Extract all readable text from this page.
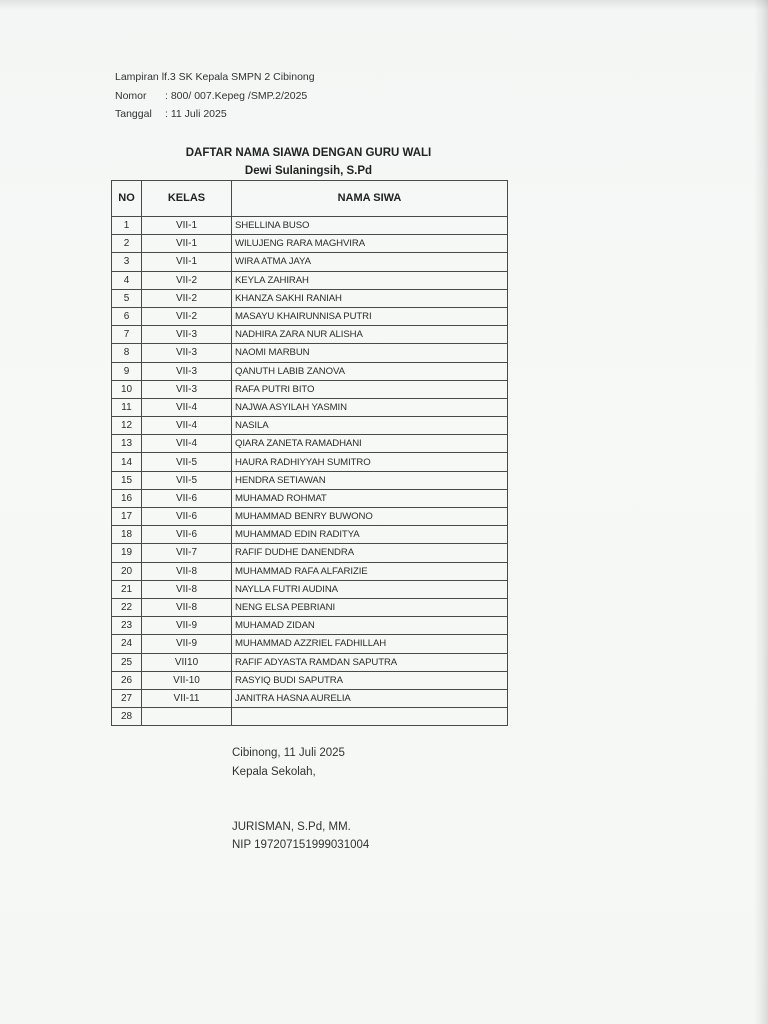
Lampiran lf.3 SK Kepala SMPN 2 Cibinong
Nomor : 800/ 007.Kepeg /SMP.2/2025
Tanggal : 11 Juli 2025
DAFTAR NAMA SIAWA DENGAN GURU WALI
Dewi Sulaningsih, S.Pd
NO	KELAS	NAMA SIWA
1	VII-1	SHELLINA BUSO
2	VII-1	WILUJENG RARA MAGHVIRA
3	VII-1	WIRA ATMA JAYA
4	VII-2	KEYLA ZAHIRAH
5	VII-2	KHANZA SAKHI RANIAH
6	VII-2	MASAYU KHAIRUNNISA PUTRI
7	VII-3	NADHIRA ZARA NUR ALISHA
8	VII-3	NAOMI MARBUN
9	VII-3	QANUTH LABIB ZANOVA
10	VII-3	RAFA PUTRI BITO
11	VII-4	NAJWA ASYILAH YASMIN
12	VII-4	NASILA
13	VII-4	QIARA ZANETA RAMADHANI
14	VII-5	HAURA RADHIYYAH SUMITRO
15	VII-5	HENDRA SETIAWAN
16	VII-6	MUHAMAD ROHMAT
17	VII-6	MUHAMMAD BENRY BUWONO
18	VII-6	MUHAMMAD EDIN RADITYA
19	VII-7	RAFIF DUDHE DANENDRA
20	VII-8	MUHAMMAD RAFA ALFARIZIE
21	VII-8	NAYLLA FUTRI AUDINA
22	VII-8	NENG ELSA PEBRIANI
23	VII-9	MUHAMAD ZIDAN
24	VII-9	MUHAMMAD AZZRIEL FADHILLAH
25	VII10	RAFIF ADYASTA RAMDAN SAPUTRA
26	VII-10	RASYIQ BUDI SAPUTRA
27	VII-11	JANITRA HASNA AURELIA
28		
Cibinong, 11 Juli 2025
Kepala Sekolah,
JURISMAN, S.Pd, MM.
NIP 197207151999031004
